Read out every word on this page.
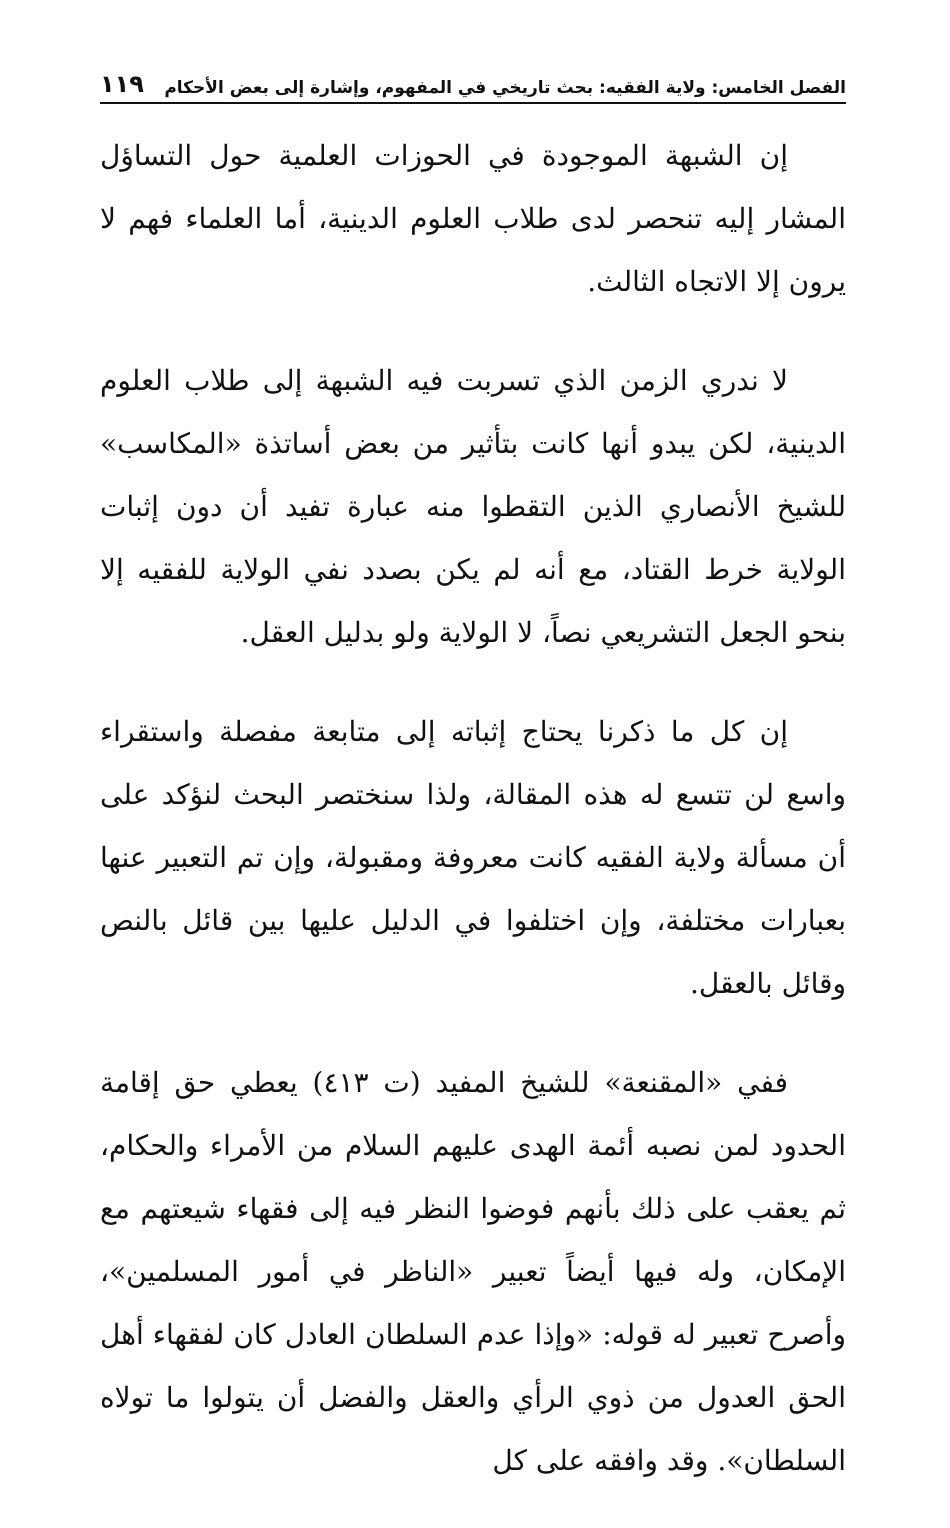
الفصل الخامس: ولاية الفقيه: بحث تاريخي في المفهوم، وإشارة إلى بعض الأحكام
١١٩

إن الشبهة الموجودة في الحوزات العلمية حول التساؤل المشار إليه تنحصر لدى طلاب العلوم الدينية، أما العلماء فهم لا يرون إلا الاتجاه الثالث.

لا ندري الزمن الذي تسربت فيه الشبهة إلى طلاب العلوم الدينية، لكن يبدو أنها كانت بتأثير من بعض أساتذة «المكاسب» للشيخ الأنصاري الذين التقطوا منه عبارة تفيد أن دون إثبات الولاية خرط القتاد، مع أنه لم يكن بصدد نفي الولاية للفقيه إلا بنحو الجعل التشريعي نصاً، لا الولاية ولو بدليل العقل.

إن كل ما ذكرنا يحتاج إثباته إلى متابعة مفصلة واستقراء واسع لن تتسع له هذه المقالة، ولذا سنختصر البحث لنؤكد على أن مسألة ولاية الفقيه كانت معروفة ومقبولة، وإن تم التعبير عنها بعبارات مختلفة، وإن اختلفوا في الدليل عليها بين قائل بالنص وقائل بالعقل.

ففي «المقنعة» للشيخ المفيد (ت ٤١٣) يعطي حق إقامة الحدود لمن نصبه أئمة الهدى عليهم السلام من الأمراء والحكام، ثم يعقب على ذلك بأنهم فوضوا النظر فيه إلى فقهاء شيعتهم مع الإمكان، وله فيها أيضاً تعبير «الناظر في أمور المسلمين»، وأصرح تعبير له قوله: «وإذا عدم السلطان العادل كان لفقهاء أهل الحق العدول من ذوي الرأي والعقل والفضل أن يتولوا ما تولاه السلطان». وقد وافقه على كل
